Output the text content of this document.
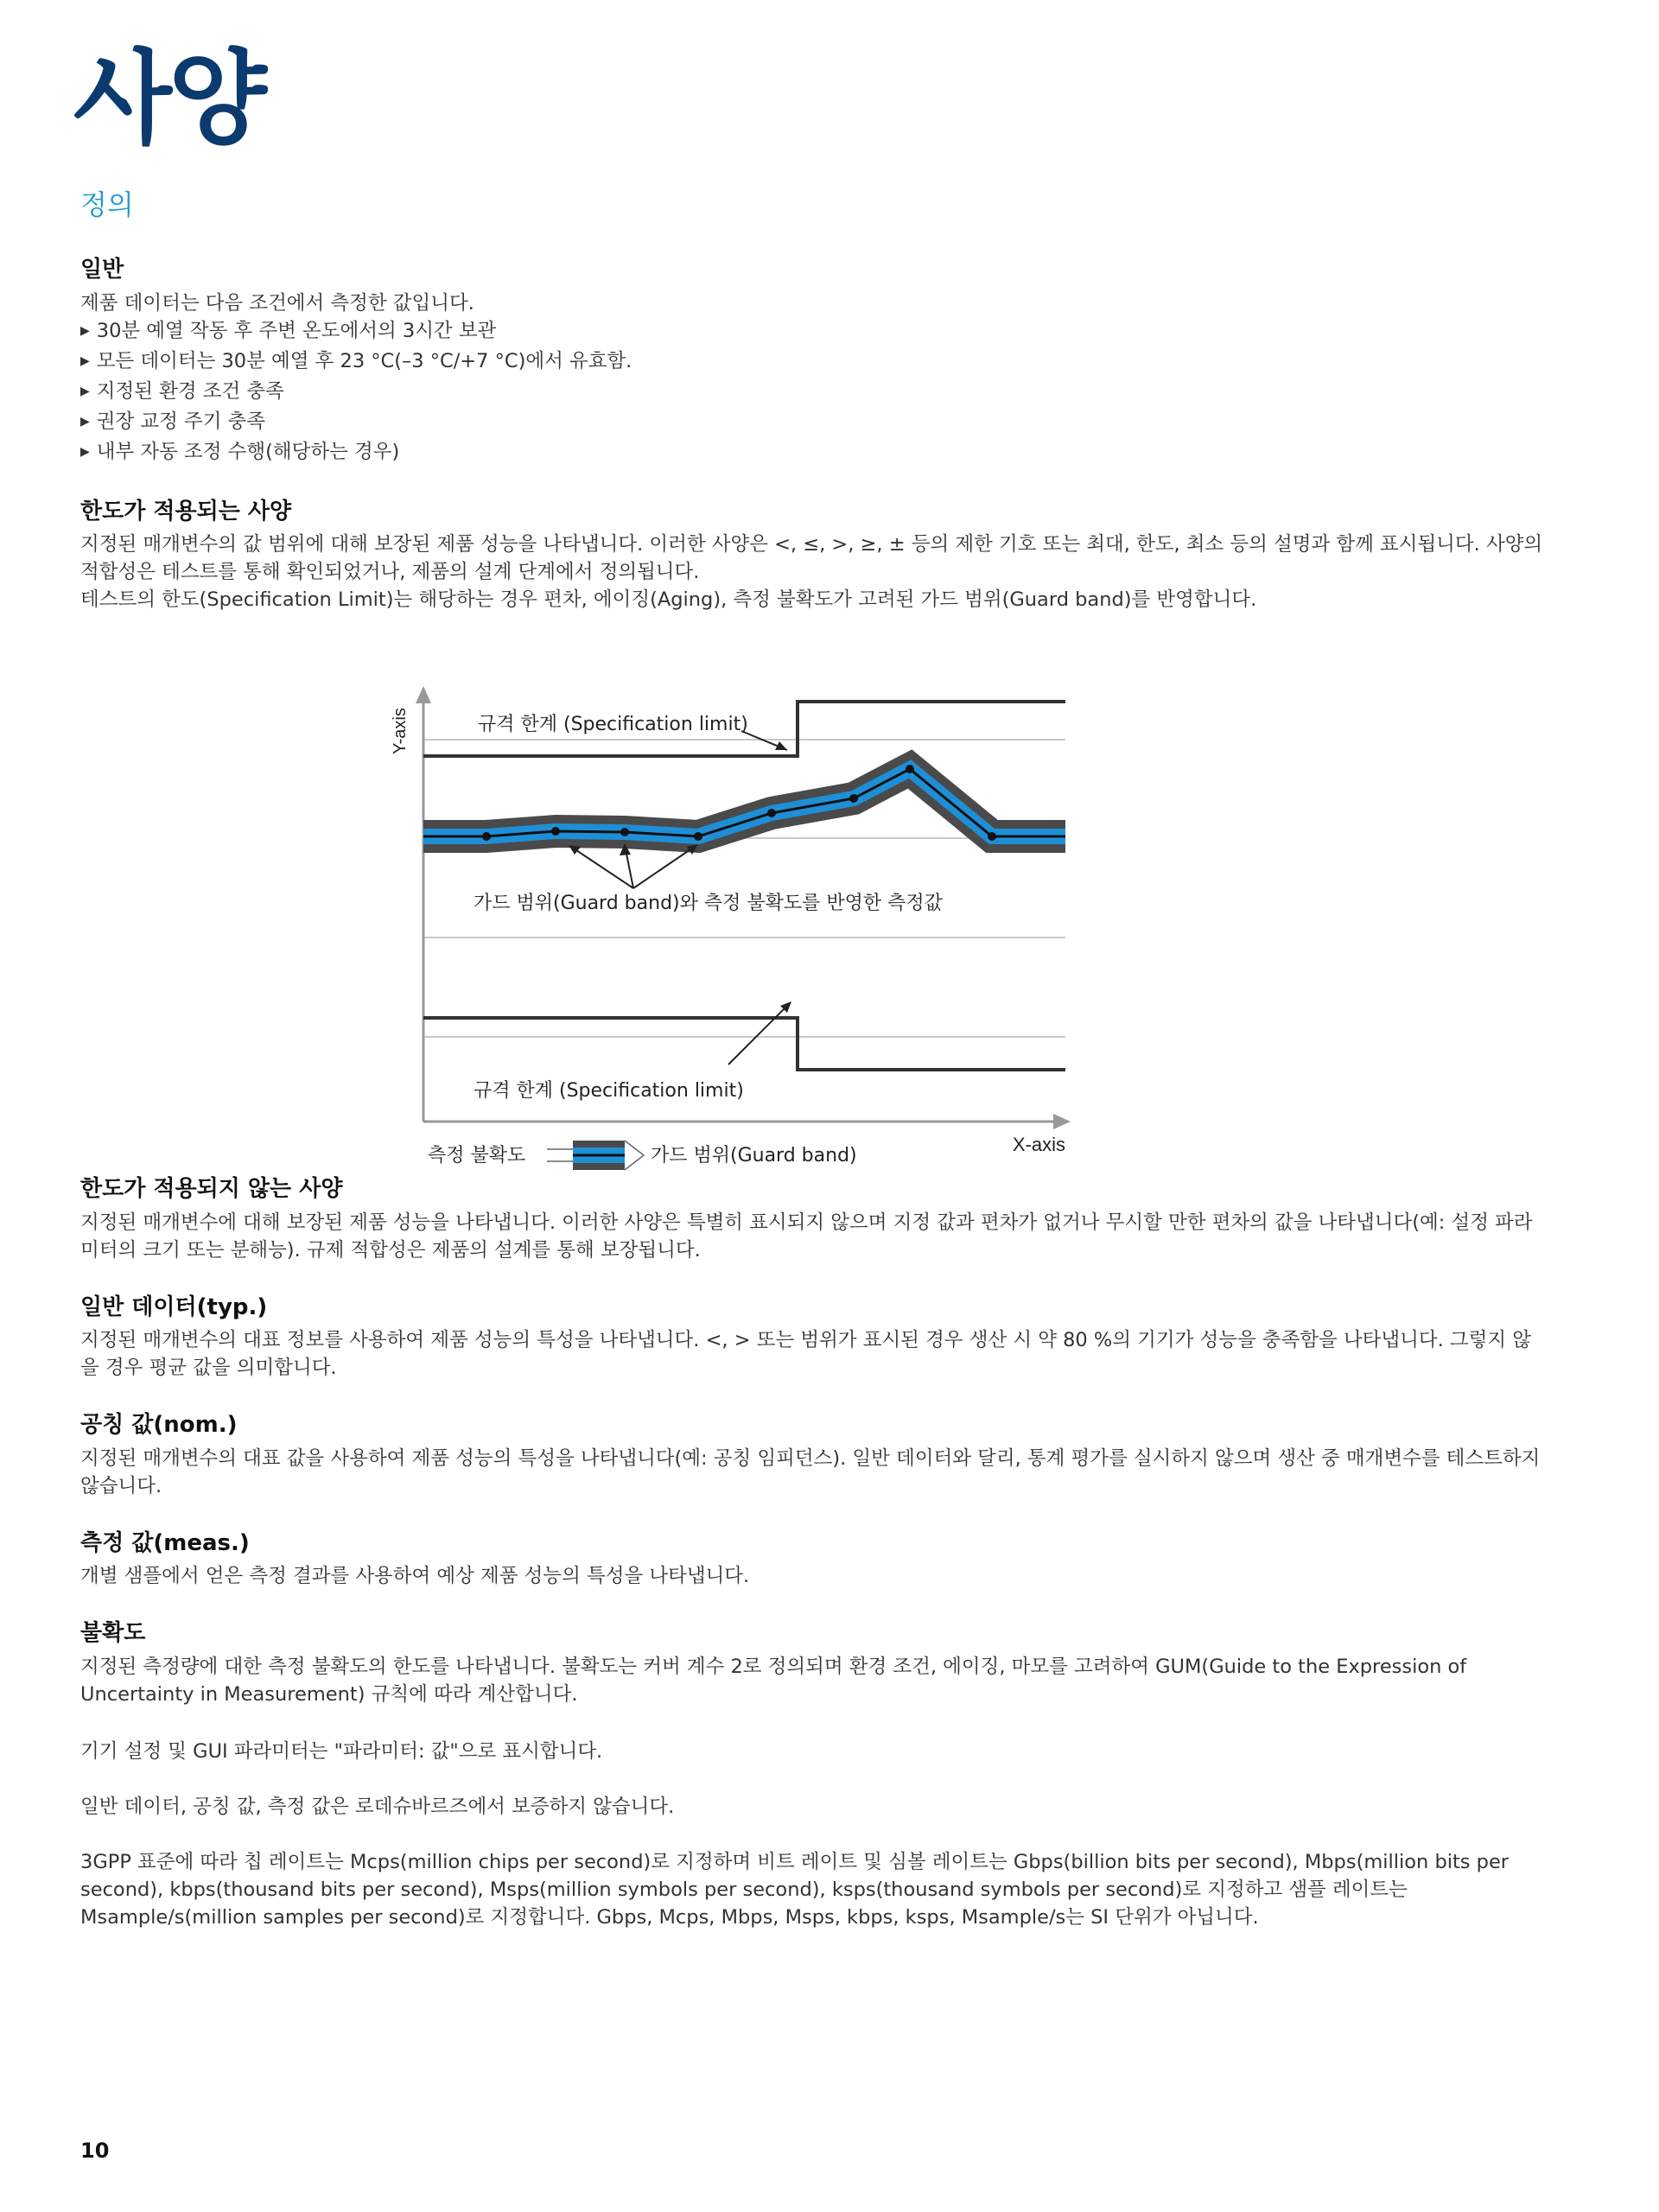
사양
정의
일반

제품 데이터는 다음 조건에서 측정한 값입니다.

▶ 30분 예열 작동 후 주변 온도에서의 3시간 보관
▶ 모든 데이터는 30분 예열 후 23 °C(–3 °C/+7 °C)에서 유효함.
▶ 지정된 환경 조건 충족
▶ 권장 교정 주기 충족
▶ 내부 자동 조정 수행(해당하는 경우)
한도가 적용되는 사양

지정된 매개변수의 값 범위에 대해 보장된 제품 성능을 나타냅니다. 이러한 사양은 <, ≤, >, ≥, ± 등의 제한 기호 또는 최대, 한도, 최소 등의 설명과 함께 표시됩니다. 사양의 적합성은 테스트를 통해 확인되었거나, 제품의 설계 단계에서 정의됩니다.

테스트의 한도(Specification Limit)는 해당하는 경우 편차, 에이징(Aging), 측정 불확도가 고려된 가드 범위(Guard band)를 반영합니다.

Y-axis
X-axis
규격 한계 (Specification limit)
가드 범위(Guard band)와 측정 불확도를 반영한 측정값
규격 한계 (Specification limit)
측정 불확도	가드 범위(Guard band)
한도가 적용되지 않는 사양

지정된 매개변수에 대해 보장된 제품 성능을 나타냅니다. 이러한 사양은 특별히 표시되지 않으며 지정 값과 편차가 없거나 무시할 만한 편차의 값을 나타냅니다(예: 설정 파라미터의 크기 또는 분해능). 규제 적합성은 제품의 설계를 통해 보장됩니다.

일반 데이터(typ.)

지정된 매개변수의 대표 정보를 사용하여 제품 성능의 특성을 나타냅니다. <, > 또는 범위가 표시된 경우 생산 시 약 80 %의 기기가 성능을 충족함을 나타냅니다. 그렇지 않을 경우 평균 값을 의미합니다.

공칭 값(nom.)

지정된 매개변수의 대표 값을 사용하여 제품 성능의 특성을 나타냅니다(예: 공칭 임피던스). 일반 데이터와 달리, 통계 평가를 실시하지 않으며 생산 중 매개변수를 테스트하지 않습니다.

측정 값(meas.)

개별 샘플에서 얻은 측정 결과를 사용하여 예상 제품 성능의 특성을 나타냅니다.

불확도

지정된 측정량에 대한 측정 불확도의 한도를 나타냅니다. 불확도는 커버 계수 2로 정의되며 환경 조건, 에이징, 마모를 고려하여 GUM(Guide to the Expression of Uncertainty in Measurement) 규칙에 따라 계산합니다.

기기 설정 및 GUI 파라미터는 "파라미터: 값"으로 표시합니다.

일반 데이터, 공칭 값, 측정 값은 로데슈바르즈에서 보증하지 않습니다.

3GPP 표준에 따라 칩 레이트는 Mcps(million chips per second)로 지정하며 비트 레이트 및 심볼 레이트는 Gbps(billion bits per second), Mbps(million bits per second), kbps(thousand bits per second), Msps(million symbols per second), ksps(thousand symbols per second)로 지정하고 샘플 레이트는 Msample/s(million samples per second)로 지정합니다. Gbps, Mcps, Mbps, Msps, kbps, ksps, Msample/s는 SI 단위가 아닙니다.

10
